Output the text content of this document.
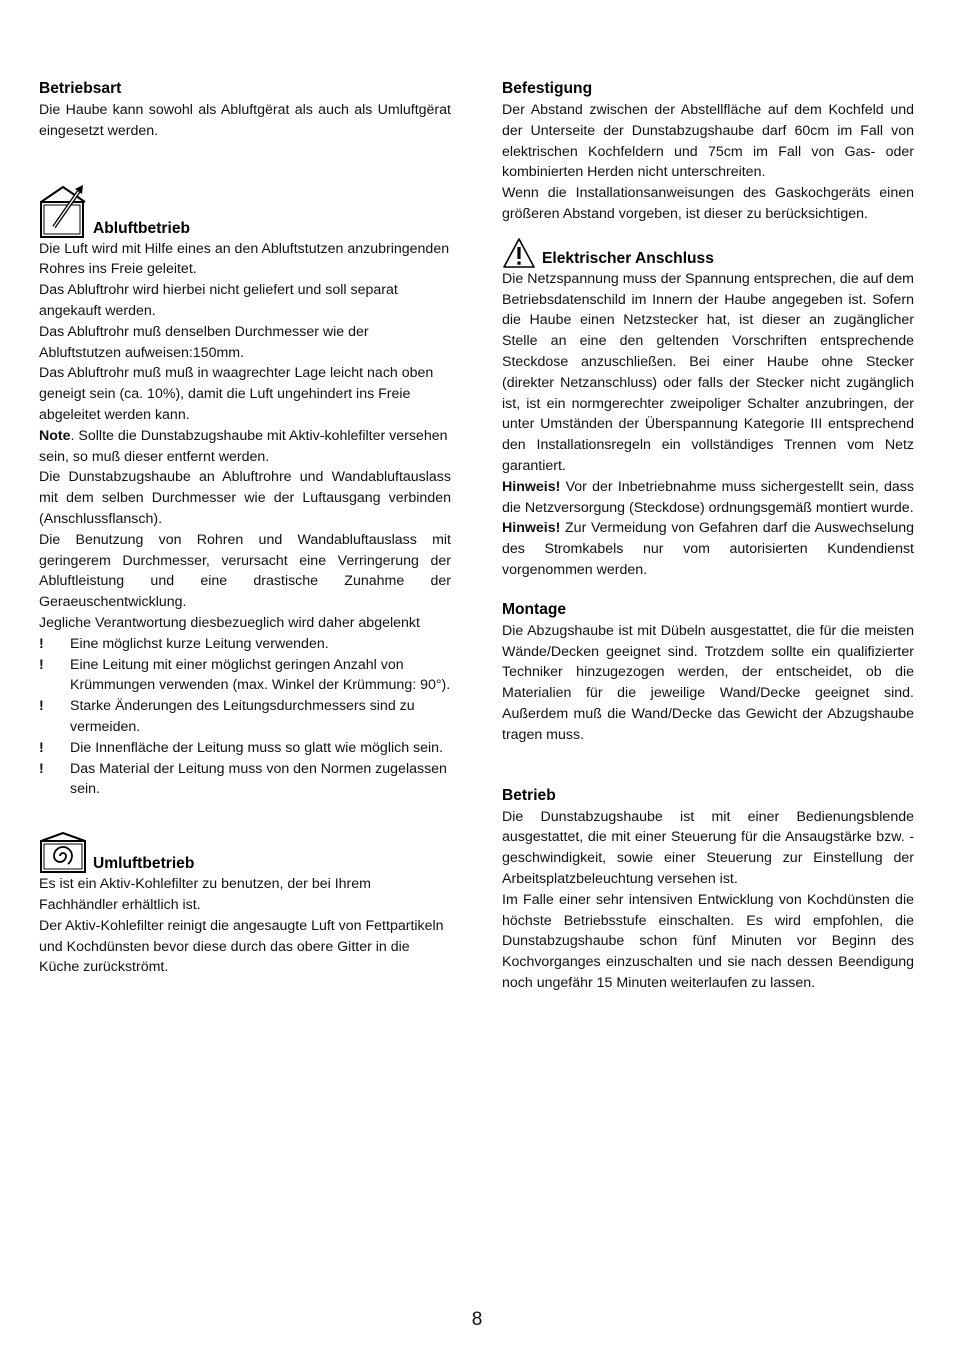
Betriebsart

Die Haube kann sowohl als Abluftgërat als auch als Umluftgërat eingesetzt werden.

Abluftbetrieb

Die Luft wird mit Hilfe eines an den Abluftstutzen anzubringenden Rohres ins Freie geleitet.

Das Abluftrohr wird hierbei nicht geliefert und soll separat angekauft werden.

Das Abluftrohr muß denselben Durchmesser wie der Abluftstutzen aufweisen:150mm.

Das Abluftrohr muß muß in waagrechter Lage leicht nach oben geneigt sein (ca. 10%), damit die Luft ungehindert ins Freie abgeleitet werden kann.

Note. Sollte die Dunstabzugshaube mit Aktiv-kohlefilter versehen sein, so muß dieser entfernt werden.

Die Dunstabzugshaube an Abluftrohre und Wandabluftauslass mit dem selben Durchmesser wie der Luftausgang verbinden (Anschlussflansch).

Die Benutzung von Rohren und Wandabluftauslass mit geringerem Durchmesser, verursacht eine Verringerung der Abluftleistung und eine drastische Zunahme der Geraeuschentwicklung.

Jegliche Verantwortung diesbezueglich wird daher abgelenkt

! Eine möglichst kurze Leitung verwenden.
! Eine Leitung mit einer möglichst geringen Anzahl von Krümmungen verwenden (max. Winkel der Krümmung: 90°).
! Starke Änderungen des Leitungsdurchmessers sind zu vermeiden.
! Die Innenfläche der Leitung muss so glatt wie möglich sein.
! Das Material der Leitung muss von den Normen zugelassen sein.
Umluftbetrieb

Es ist ein Aktiv-Kohlefilter zu benutzen, der bei Ihrem Fachhändler erhältlich ist.

Der Aktiv-Kohlefilter reinigt die angesaugte Luft von Fettpartikeln und Kochdünsten bevor diese durch das obere Gitter in die Küche zurückströmt.

Befestigung

Der Abstand zwischen der Abstellfläche auf dem Kochfeld und der Unterseite der Dunstabzugshaube darf 60cm im Fall von elektrischen Kochfeldern und 75cm im Fall von Gas- oder kombinierten Herden nicht unterschreiten.

Wenn die Installationsanweisungen des Gaskochgeräts einen größeren Abstand vorgeben, ist dieser zu berücksichtigen.

Elektrischer Anschluss

Die Netzspannung muss der Spannung entsprechen, die auf dem Betriebsdatenschild im Innern der Haube angegeben ist. Sofern die Haube einen Netzstecker hat, ist dieser an zugänglicher Stelle an eine den geltenden Vorschriften entsprechende Steckdose anzuschließen. Bei einer Haube ohne Stecker (direkter Netzanschluss) oder falls der Stecker nicht zugänglich ist, ist ein normgerechter zweipoliger Schalter anzubringen, der unter Umständen der Überspannung Kategorie III entsprechend den Installationsregeln ein vollständiges Trennen vom Netz garantiert.

Hinweis! Vor der Inbetriebnahme muss sichergestellt sein, dass die Netzversorgung (Steckdose) ordnungsgemäß montiert wurde.

Hinweis! Zur Vermeidung von Gefahren darf die Auswechselung des Stromkabels nur vom autorisierten Kundendienst vorgenommen werden.

Montage

Die Abzugshaube ist mit Dübeln ausgestattet, die für die meisten Wände/Decken geeignet sind. Trotzdem sollte ein qualifizierter Techniker hinzugezogen werden, der entscheidet, ob die Materialien für die jeweilige Wand/Decke geeignet sind. Außerdem muß die Wand/Decke das Gewicht der Abzugshaube tragen muss.

Betrieb

Die Dunstabzugshaube ist mit einer Bedienungsblende ausgestattet, die mit einer Steuerung für die Ansaugstärke bzw. -geschwindigkeit, sowie einer Steuerung zur Einstellung der Arbeitsplatzbeleuchtung versehen ist.

Im Falle einer sehr intensiven Entwicklung von Kochdünsten die höchste Betriebsstufe einschalten. Es wird empfohlen, die Dunstabzugshaube schon fünf Minuten vor Beginn des Kochvorganges einzuschalten und sie nach dessen Beendigung noch ungefähr 15 Minuten weiterlaufen zu lassen.

8
